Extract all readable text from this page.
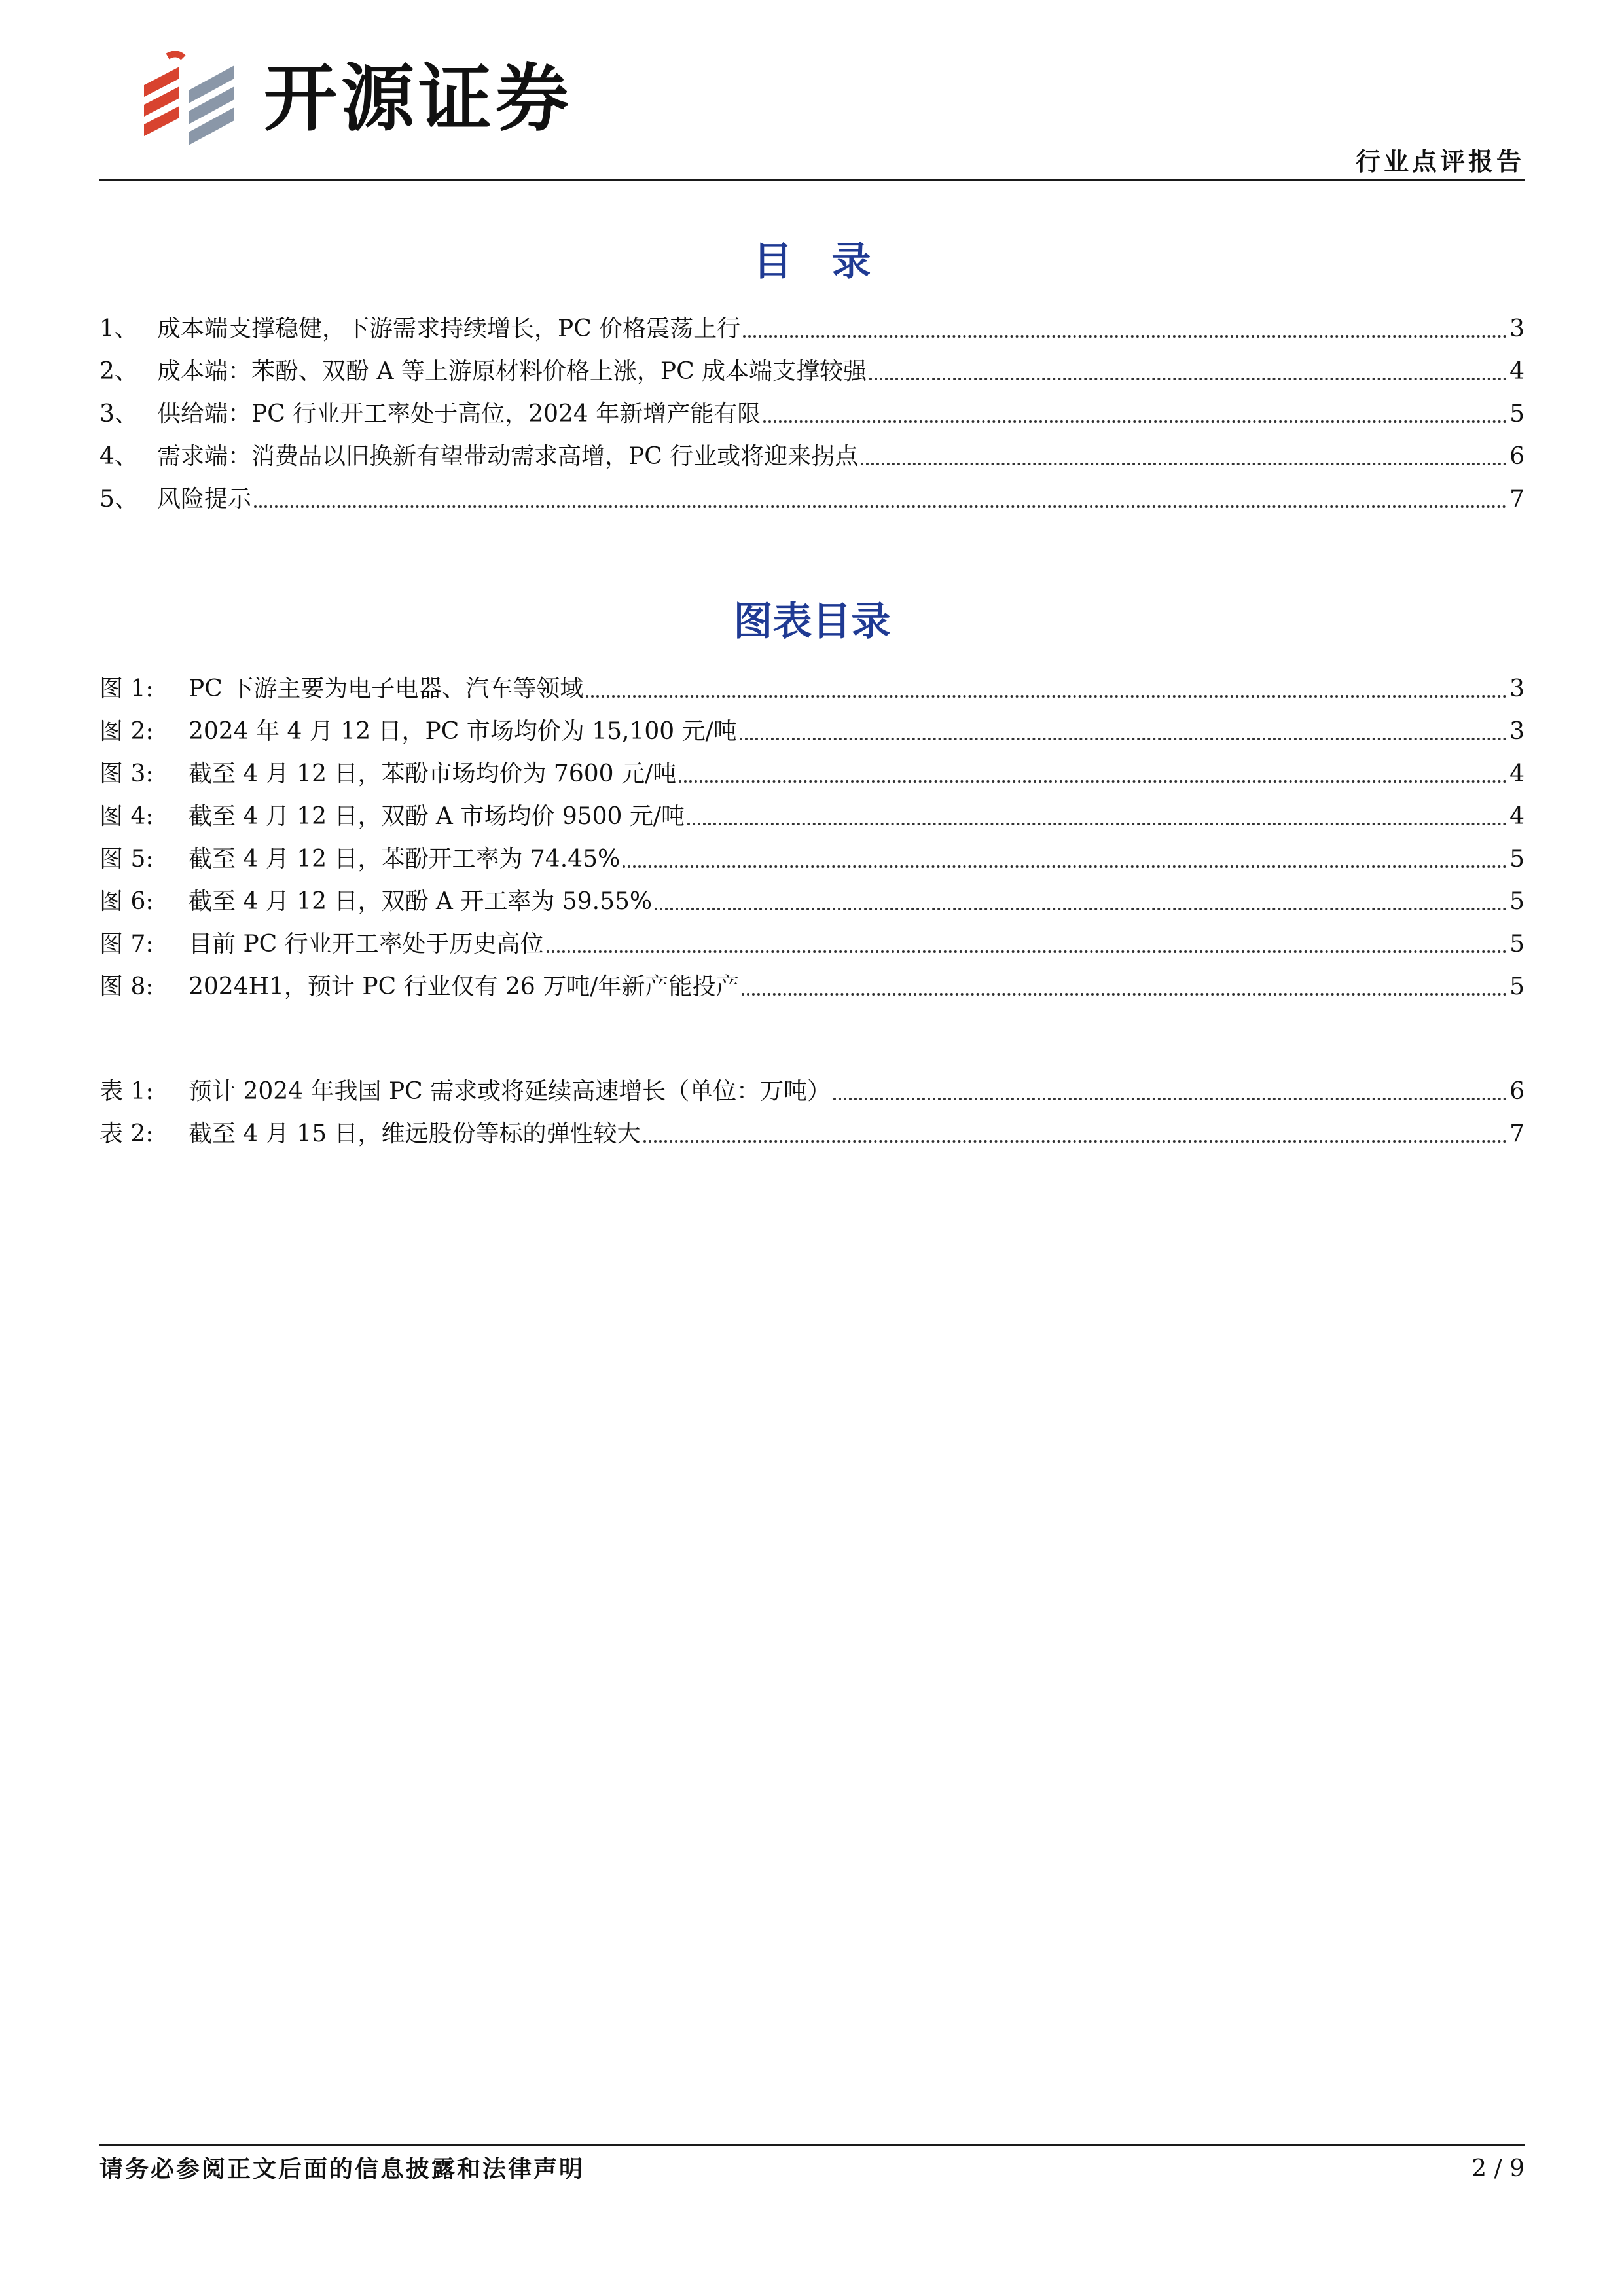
开源证券
行业点评报告
目　录
1、 成本端支撑稳健，下游需求持续增长，PC 价格震荡上行	3
2、 成本端：苯酚、双酚 A 等上游原材料价格上涨，PC 成本端支撑较强	4
3、 供给端：PC 行业开工率处于高位，2024 年新增产能有限	5
4、 需求端：消费品以旧换新有望带动需求高增，PC 行业或将迎来拐点	6
5、 风险提示	7
图表目录
图 1:	PC 下游主要为电子电器、汽车等领域	3
图 2:	2024 年 4 月 12 日，PC 市场均价为 15,100 元/吨	3
图 3:	截至 4 月 12 日，苯酚市场均价为 7600 元/吨	4
图 4:	截至 4 月 12 日，双酚 A 市场均价 9500 元/吨	4
图 5:	截至 4 月 12 日，苯酚开工率为 74.45%	5
图 6:	截至 4 月 12 日，双酚 A 开工率为 59.55%	5
图 7:	目前 PC 行业开工率处于历史高位	5
图 8:	2024H1，预计 PC 行业仅有 26 万吨/年新产能投产	5
表 1:	预计 2024 年我国 PC 需求或将延续高速增长（单位：万吨）	6
表 2:	截至 4 月 15 日，维远股份等标的弹性较大	7
请务必参阅正文后面的信息披露和法律声明	2 / 9
